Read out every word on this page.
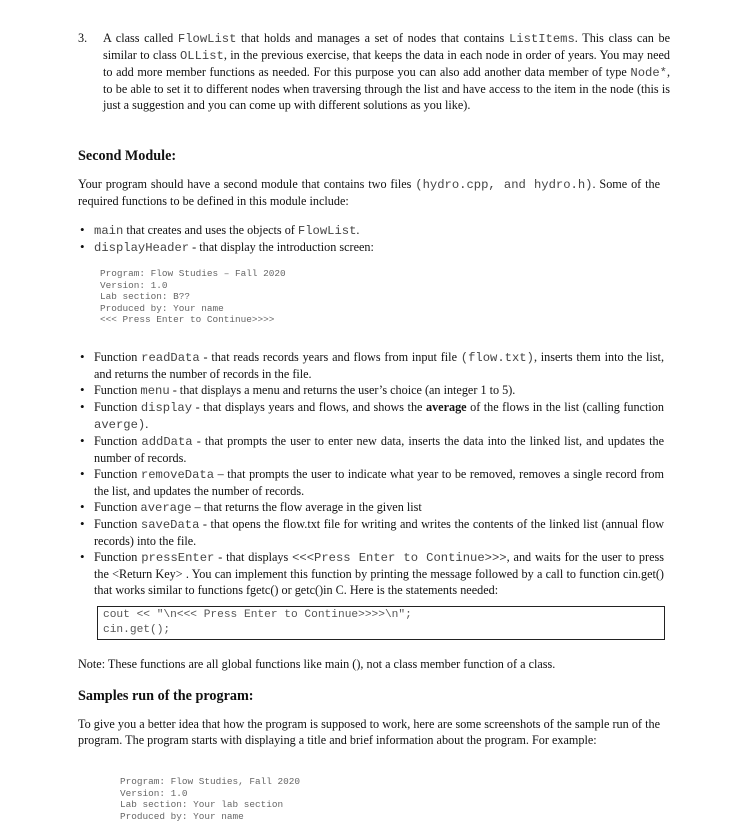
3. A class called FlowList that holds and manages a set of nodes that contains ListItems. This class can be similar to class OLList, in the previous exercise, that keeps the data in each node in order of years. You may need to add more member functions as needed. For this purpose you can also add another data member of type Node*, to be able to set it to different nodes when traversing through the list and have access to the item in the node (this is just a suggestion and you can come up with different solutions as you like).
Second Module:
Your program should have a second module that contains two files (hydro.cpp, and hydro.h). Some of the required functions to be defined in this module include:
• main that creates and uses the objects of FlowList.
• displayHeader - that display the introduction screen:
Program: Flow Studies – Fall 2020
Version: 1.0
Lab section: B??
Produced by: Your name
<<< Press Enter to Continue>>>>
• Function readData - that reads records years and flows from input file (flow.txt), inserts them into the list, and returns the number of records in the file.
• Function menu - that displays a menu and returns the user’s choice (an integer 1 to 5).
• Function display - that displays years and flows, and shows the average of the flows in the list (calling function averge).
• Function addData - that prompts the user to enter new data, inserts the data into the linked list, and updates the number of records.
• Function removeData – that prompts the user to indicate what year to be removed, removes a single record from the list, and updates the number of records.
• Function average – that returns the flow average in the given list
• Function saveData - that opens the flow.txt file for writing and writes the contents of the linked list (annual flow records) into the file.
• Function pressEnter - that displays <<<Press Enter to Continue>>>, and waits for the user to press the <Return Key> . You can implement this function by printing the message followed by a call to function cin.get() that works similar to functions fgetc() or getc()in C. Here is the statements needed:
cout << "\n<<< Press Enter to Continue>>>>\n";
cin.get();
Note: These functions are all global functions like main (), not a class member function of a class.
Samples run of the program:
To give you a better idea that how the program is supposed to work, here are some screenshots of the sample run of the program. The program starts with displaying a title and brief information about the program. For example:
Program: Flow Studies, Fall 2020
Version: 1.0
Lab section: Your lab section
Produced by: Your name
